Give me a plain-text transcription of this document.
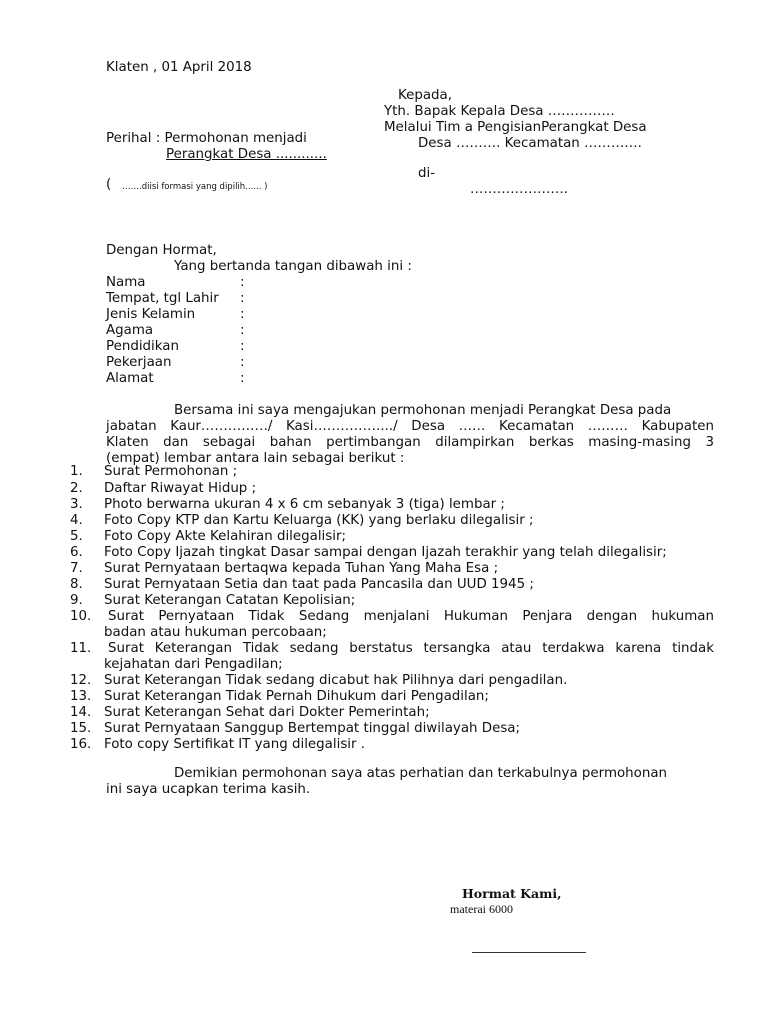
Klaten , 01 April 2018
Kepada,
Yth. Bapak Kepala Desa ……………
Melalui Tim a PengisianPerangkat Desa
Desa ………. Kecamatan ………….
di-
………………….
Perihal : Permohonan menjadi
Perangkat Desa ............
( …….diisi formasi yang dipilih...... )
Dengan Hormat,
Yang bertanda tangan dibawah ini :
Nama	:
Tempat, tgl Lahir :
Jenis Kelamin	:
Agama	:
Pendidikan	:
Pekerjaan	:
Alamat	:
Bersama ini saya mengajukan permohonan menjadi Perangkat Desa pada
jabatan Kaur……………/ Kasi…………….../ Desa …… Kecamatan ……… Kabupaten
Klaten dan sebagai bahan pertimbangan dilampirkan berkas masing-masing 3
(empat) lembar antara lain sebagai berikut :
1.	Surat Permohonan ;
2.	Daftar Riwayat Hidup ;
3.	Photo berwarna ukuran 4 x 6 cm sebanyak 3 (tiga) lembar ;
4.	Foto Copy KTP dan Kartu Keluarga (KK) yang berlaku dilegalisir ;
5.	Foto Copy Akte Kelahiran dilegalisir;
6.	Foto Copy Ijazah tingkat Dasar sampai dengan Ijazah terakhir yang telah dilegalisir;
7.	Surat Pernyataan bertaqwa kepada Tuhan Yang Maha Esa ;
8.	Surat Pernyataan Setia dan taat pada Pancasila dan UUD 1945 ;
9.	Surat Keterangan Catatan Kepolisian;
10.	Surat Pernyataan Tidak Sedang menjalani Hukuman Penjara dengan hukuman
badan atau hukuman percobaan;
11.	Surat Keterangan Tidak sedang berstatus tersangka atau terdakwa karena tindak
kejahatan dari Pengadilan;
12. Surat Keterangan Tidak sedang dicabut hak Pilihnya dari pengadilan.
13. Surat Keterangan Tidak Pernah Dihukum dari Pengadilan;
14. Surat Keterangan Sehat dari Dokter Pemerintah;
15. Surat Pernyataan Sanggup Bertempat tinggal diwilayah Desa;
16. Foto copy Sertifikat IT yang dilegalisir .
Demikian permohonan saya atas perhatian dan terkabulnya permohonan
ini saya ucapkan terima kasih.
Hormat Kami,
materai 6000
